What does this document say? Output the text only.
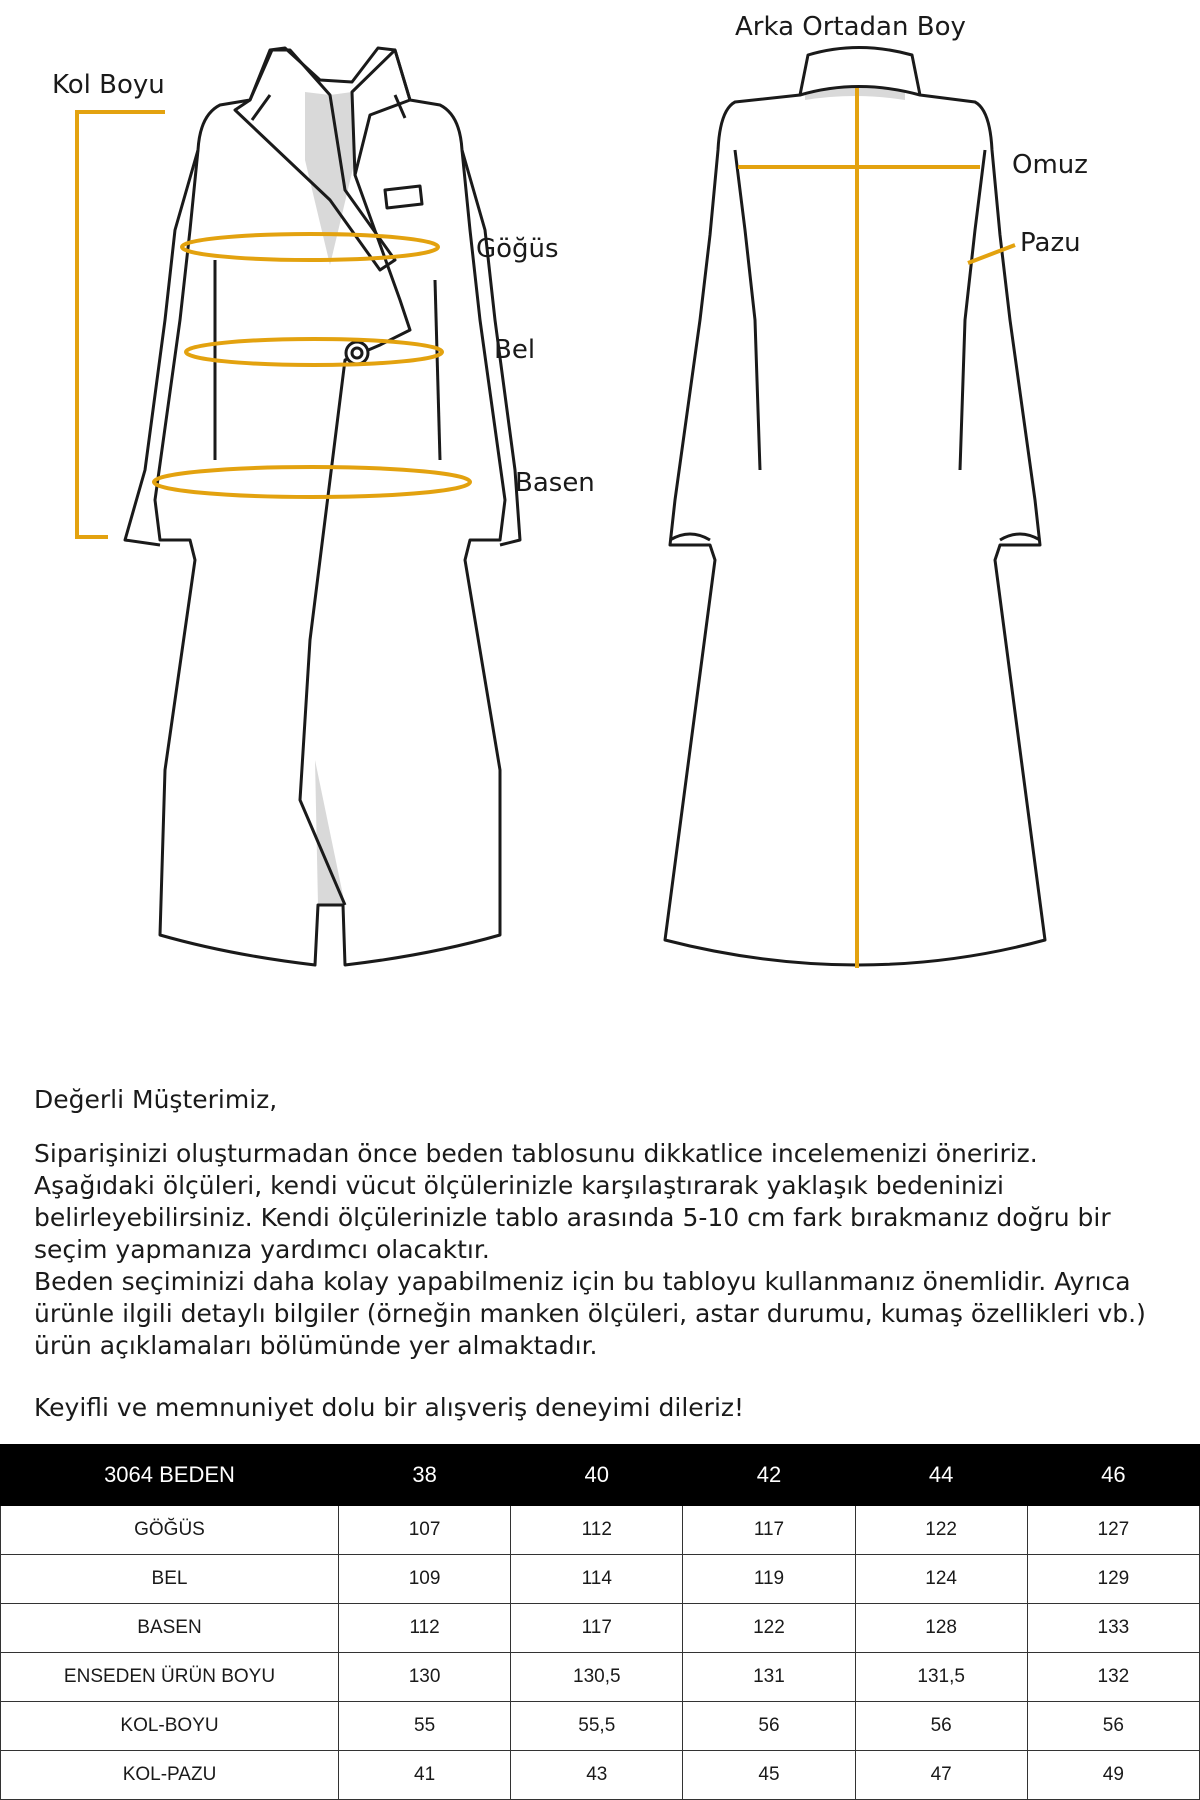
Kol Boyu
Göğüs
Bel
Basen
Arka Ortadan Boy
Omuz
Pazu

Değerli Müşterimiz,

Siparişinizi oluşturmadan önce beden tablosunu dikkatlice incelemenizi öneririz. Aşağıdaki ölçüleri, kendi vücut ölçülerinizle karşılaştırarak yaklaşık bedeninizi belirleyebilirsiniz. Kendi ölçülerinizle tablo arasında 5-10 cm fark bırakmanız doğru bir seçim yapmanıza yardımcı olacaktır.

Beden seçiminizi daha kolay yapabilmeniz için bu tabloyu kullanmanız önemlidir. Ayrıca ürünle ilgili detaylı bilgiler (örneğin manken ölçüleri, astar durumu, kumaş özellikleri vb.) ürün açıklamaları bölümünde yer almaktadır.

Keyifli ve memnuniyet dolu bir alışveriş deneyimi dileriz!

3064 BEDEN	38	40	42	44	46
GÖĞÜS	107	112	117	122	127
BEL	109	114	119	124	129
BASEN	112	117	122	128	133
ENSEDEN ÜRÜN BOYU	130	130,5	131	131,5	132
KOL-BOYU	55	55,5	56	56	56
KOL-PAZU	41	43	45	47	49
